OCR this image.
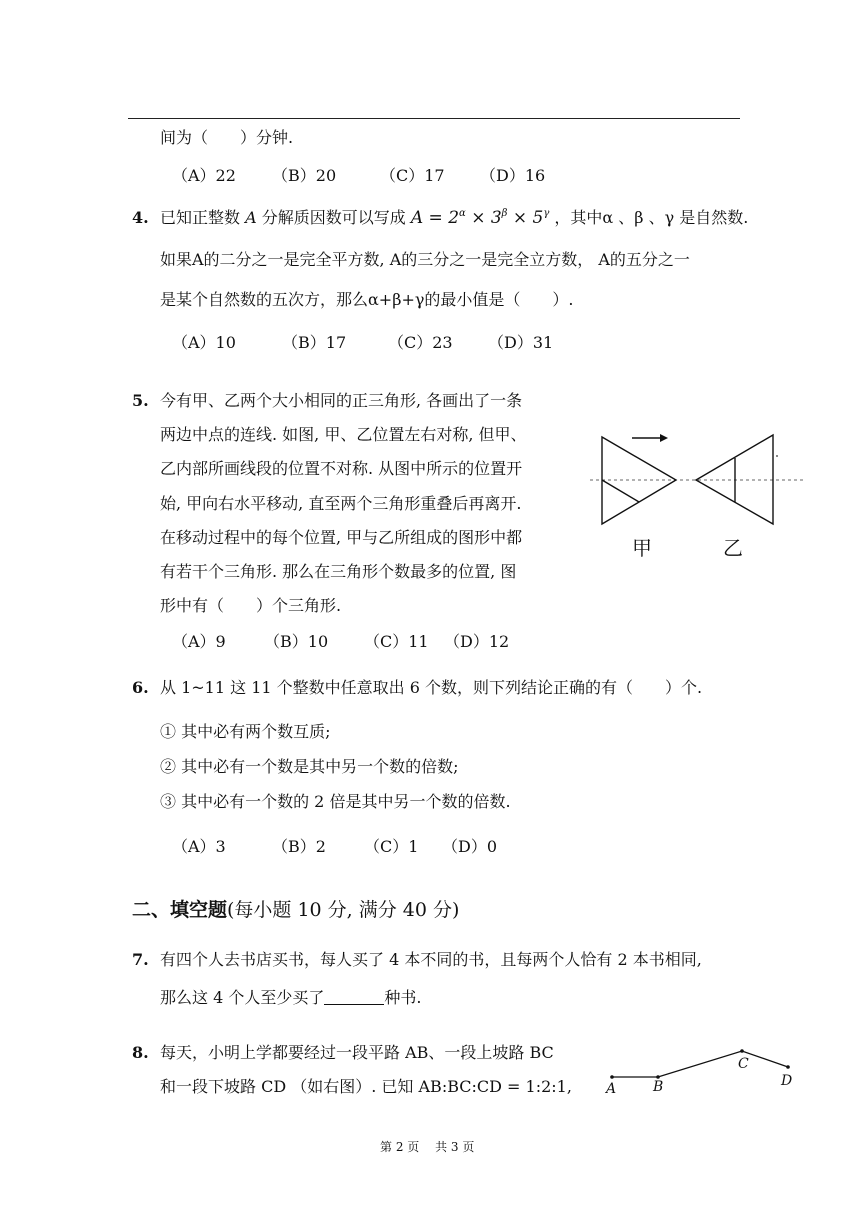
间为（　　）分钟.
（A）22 （B）20	（C）17 （D）16
4. 已知正整数 A 分解质因数可以写成 $A = 2^\alpha \times 3^\beta \times 5^\gamma$ ，其中α 、β 、γ 是自然数.
如果A的二分之一是完全平方数, A的三分之一是完全立方数， A的五分之一
是某个自然数的五次方，那么α+β+γ的最小值是（　　）.
（A）10	（B）17	（C）23 （D）31
5. 今有甲、乙两个大小相同的正三角形, 各画出了一条
两边中点的连线. 如图, 甲、乙位置左右对称, 但甲、
乙内部所画线段的位置不对称. 从图中所示的位置开
始, 甲向右水平移动, 直至两个三角形重叠后再离开.
在移动过程中的每个位置, 甲与乙所组成的图形中都
有若干个三角形. 那么在三角形个数最多的位置, 图
形中有（　　）个三角形.
（A）9 （B）10 （C）11 （D）12
甲	乙
6. 从 1~11 这 11 个整数中任意取出 6 个数，则下列结论正确的有（　　）个.
① 其中必有两个数互质;
② 其中必有一个数是其中另一个数的倍数;
③ 其中必有一个数的 2 倍是其中另一个数的倍数.
（A）3	（B）2 （C）1 （D）0
二、填空题(每小题 10 分, 满分 40 分)
7. 有四个人去书店买书，每人买了 4 本不同的书，且每两个人恰有 2 本书相同,
那么这 4 个人至少买了	种书.
8. 每天，小明上学都要经过一段平路 AB、一段上坡路 BC
和一段下坡路 CD （如右图）. 已知 AB:BC:CD = 1:2:1, A	B
C
D
第 2 页　 共 3 页
